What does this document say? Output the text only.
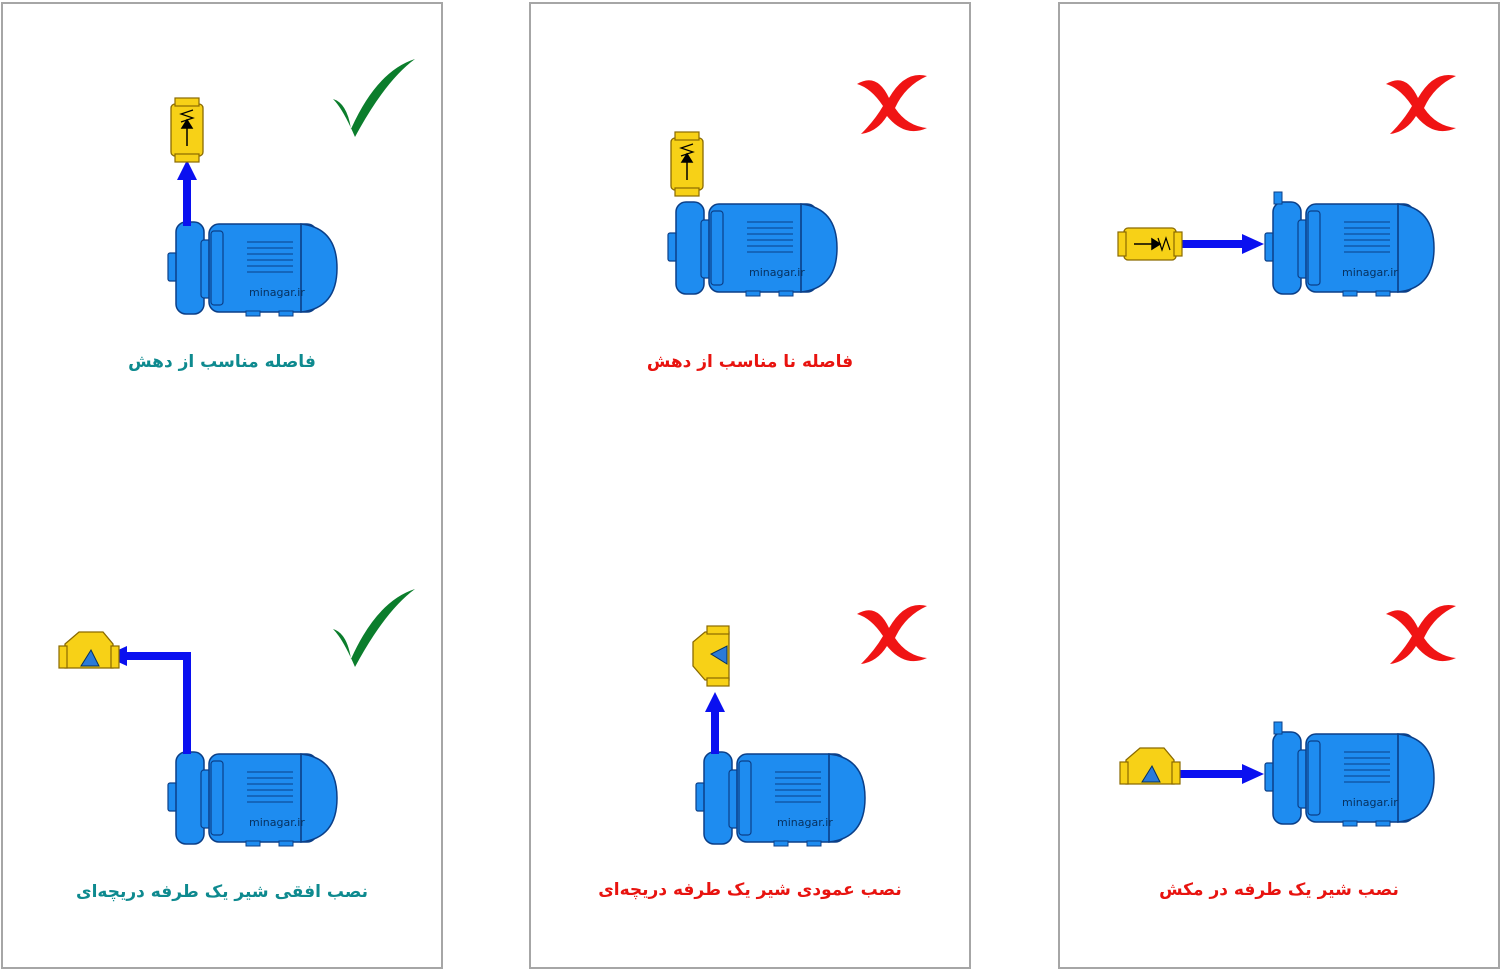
minagar.ir
minagar.ir
فاصله مناسب از دهش
نصب افقی شیر یک طرفه دریچه‌ای
minagar.ir
minagar.ir
فاصله نا مناسب از دهش
نصب عمودی شیر یک طرفه دریچه‌ای
minagar.ir
minagar.ir
نصب شیر یک طرفه در مکش
